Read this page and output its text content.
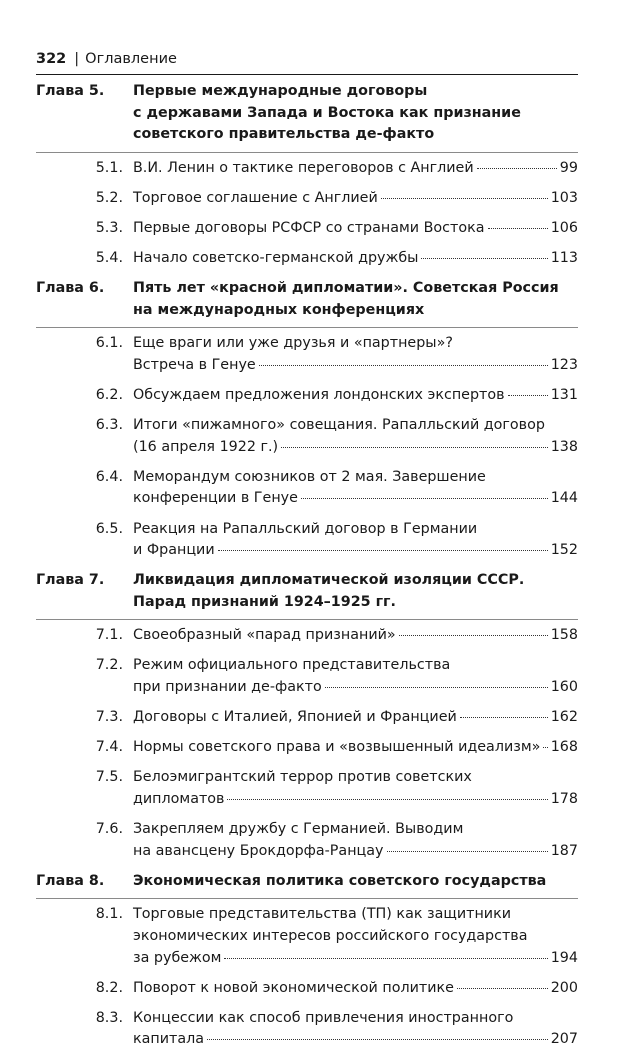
322 | Оглавление
Глава 5.	Первые международные договоры
с державами Запада и Востока как признание
советского правительства де-факто
5.1. В.И. Ленин о тактике переговоров с Англией	99
5.2. Торговое соглашение с Англией	103
5.3. Первые договоры РСФСР со странами Востока	106
5.4. Начало советско-германской дружбы	113
Глава 6.	Пять лет «красной дипломатии». Советская Россия
на международных конференциях
6.1. Еще враги или уже друзья и «партнеры»?
Встреча в Генуе	123
6.2. Обсуждаем предложения лондонских экспертов	131
6.3. Итоги «пижамного» совещания. Рапалльский договор
(16 апреля 1922 г.)	138
6.4. Меморандум союзников от 2 мая. Завершение
конференции в Генуе	144
6.5. Реакция на Рапалльский договор в Германии
и Франции	152
Глава 7.	Ликвидация дипломатической изоляции СССР.
Парад признаний 1924–1925 гг.
7.1. Своеобразный «парад признаний»	158
7.2. Режим официального представительства
при признании де-факто	160
7.3. Договоры с Италией, Японией и Францией	162
7.4. Нормы советского права и «возвышенный идеализм» 168
7.5. Белоэмигрантский террор против советских
дипломатов	178
7.6. Закрепляем дружбу с Германией. Выводим
на авансцену Брокдорфа-Ранцау	187
Глава 8.	Экономическая политика советского государства
8.1. Торговые представительства (ТП) как защитники
экономических интересов российского государства
за рубежом	194
8.2. Поворот к новой экономической политике	200
8.3. Концессии как способ привлечения иностранного
капитала	207
